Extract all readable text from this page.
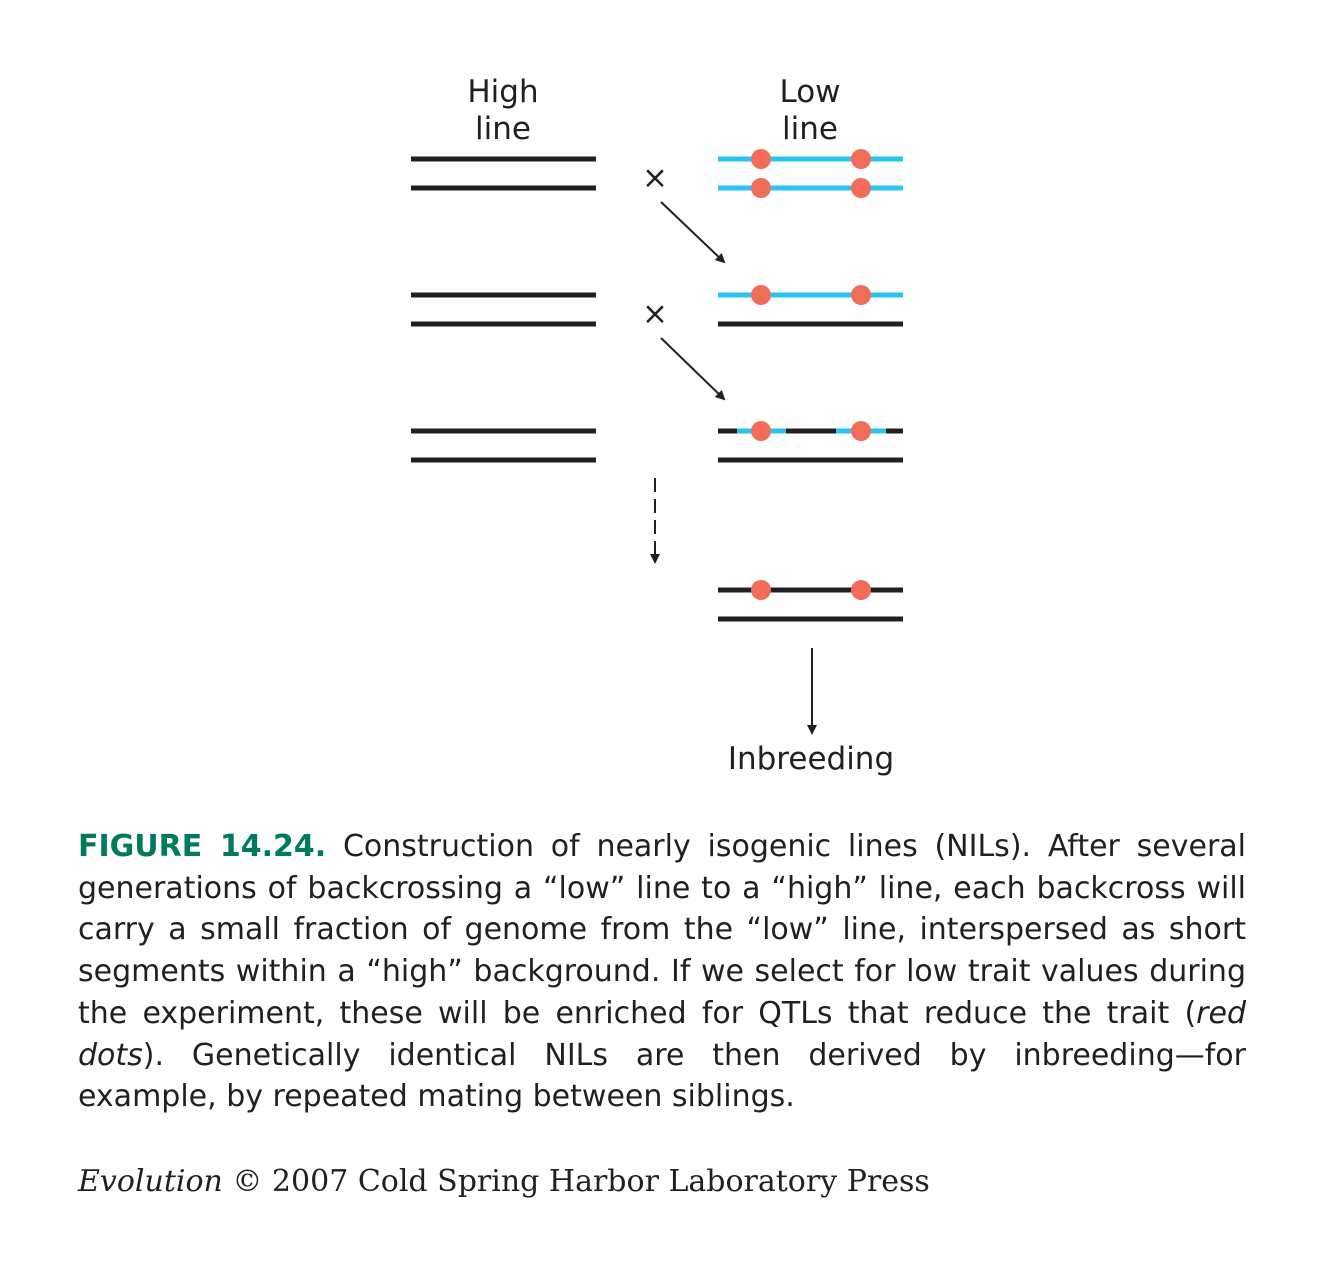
High
line
Low
line
×
×
Inbreeding

FIGURE 14.24. Construction of nearly isogenic lines (NILs). After several generations of backcrossing a “low” line to a “high” line, each backcross will carry a small fraction of genome from the “low” line, interspersed as short segments within a “high” background. If we select for low trait values during the experiment, these will be enriched for QTLs that reduce the trait (red dots). Genetically identical NILs are then derived by inbreeding—for example, by repeated mating between siblings.

Evolution © 2007 Cold Spring Harbor Laboratory Press
